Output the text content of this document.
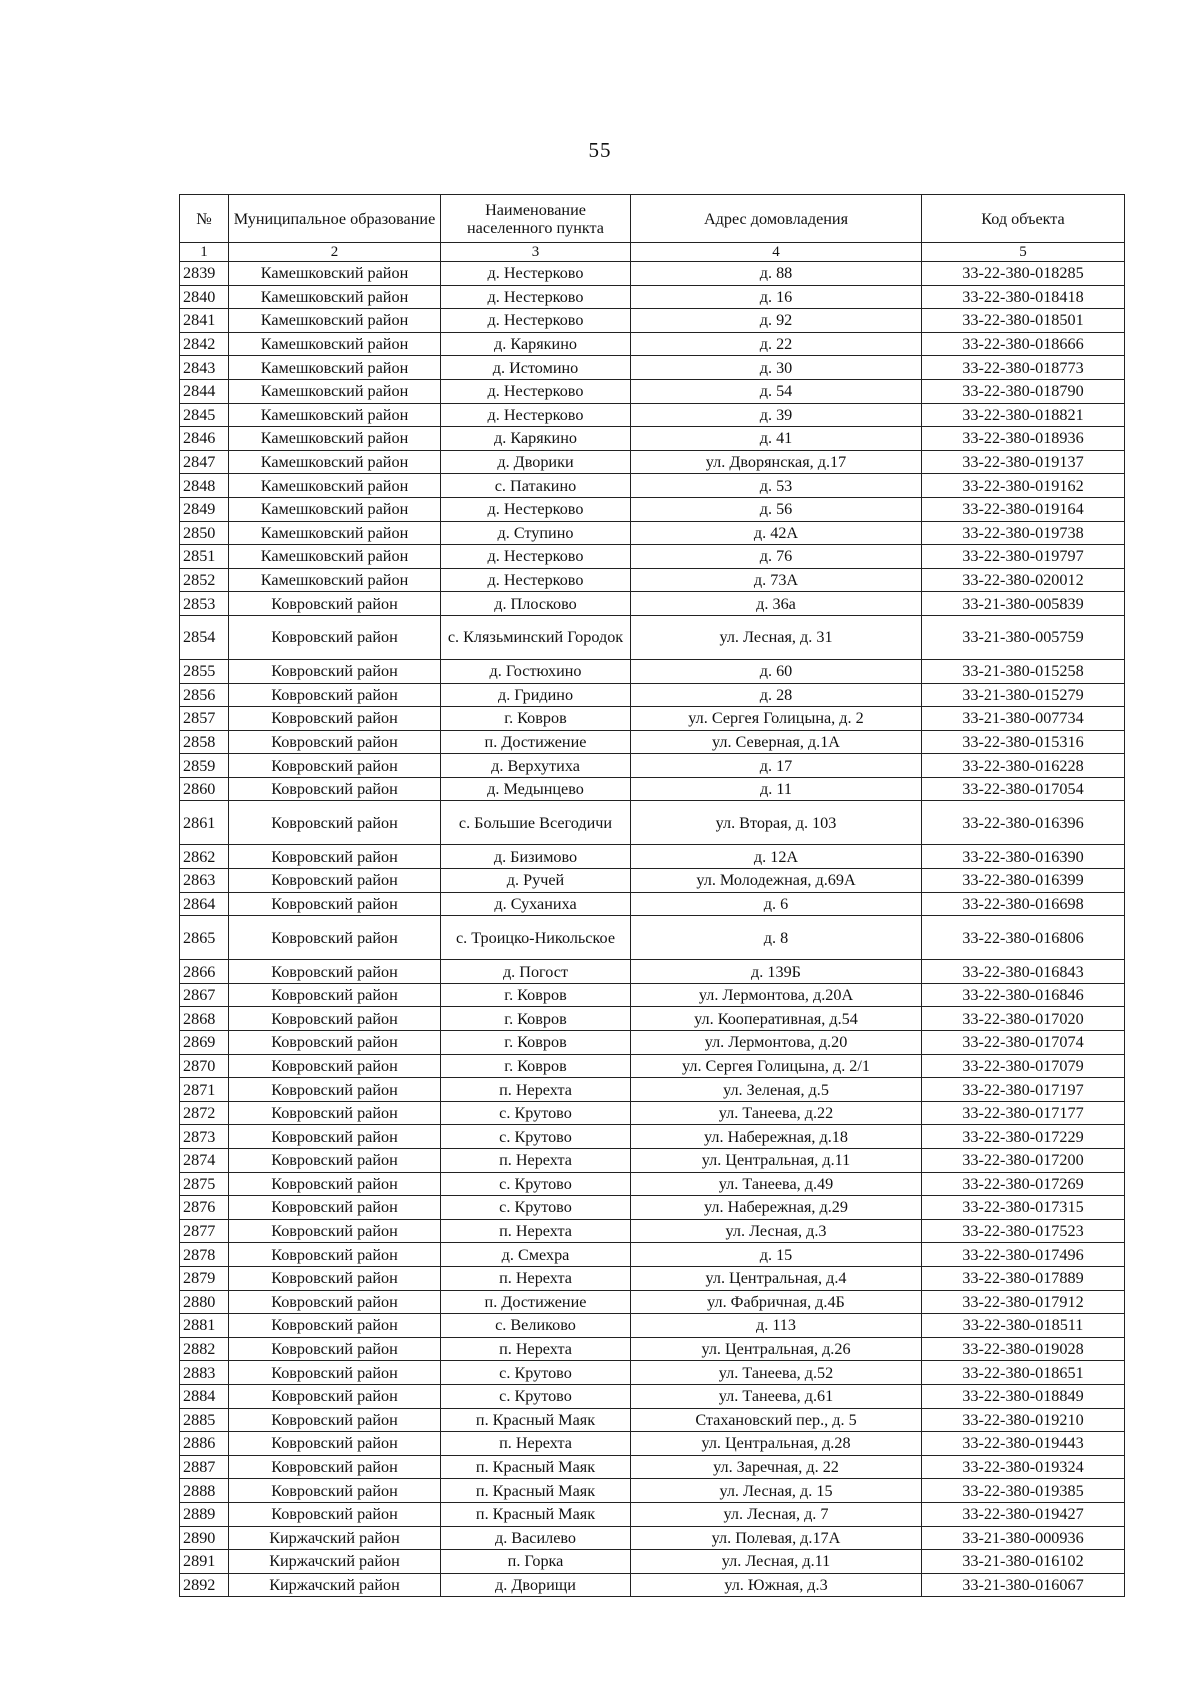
55
№	Муниципальное образование	Наименование населенного пункта	Адрес домовладения	Код объекта
1	2	3	4	5
2839	Камешковский район	д. Нестерково	д. 88	33-22-380-018285
2840	Камешковский район	д. Нестерково	д. 16	33-22-380-018418
2841	Камешковский район	д. Нестерково	д. 92	33-22-380-018501
2842	Камешковский район	д. Карякино	д. 22	33-22-380-018666
2843	Камешковский район	д. Истомино	д. 30	33-22-380-018773
2844	Камешковский район	д. Нестерково	д. 54	33-22-380-018790
2845	Камешковский район	д. Нестерково	д. 39	33-22-380-018821
2846	Камешковский район	д. Карякино	д. 41	33-22-380-018936
2847	Камешковский район	д. Дворики	ул. Дворянская, д.17	33-22-380-019137
2848	Камешковский район	с. Патакино	д. 53	33-22-380-019162
2849	Камешковский район	д. Нестерково	д. 56	33-22-380-019164
2850	Камешковский район	д. Ступино	д. 42А	33-22-380-019738
2851	Камешковский район	д. Нестерково	д. 76	33-22-380-019797
2852	Камешковский район	д. Нестерково	д. 73А	33-22-380-020012
2853	Ковровский район	д. Плосково	д. 36а	33-21-380-005839
2854	Ковровский район	с. Клязьминский Городок	ул. Лесная, д. 31	33-21-380-005759
2855	Ковровский район	д. Гостюхино	д. 60	33-21-380-015258
2856	Ковровский район	д. Гридино	д. 28	33-21-380-015279
2857	Ковровский район	г. Ковров	ул. Сергея Голицына, д. 2	33-21-380-007734
2858	Ковровский район	п. Достижение	ул. Северная, д.1А	33-22-380-015316
2859	Ковровский район	д. Верхутиха	д. 17	33-22-380-016228
2860	Ковровский район	д. Медынцево	д. 11	33-22-380-017054
2861	Ковровский район	с. Большие Всегодичи	ул. Вторая, д. 103	33-22-380-016396
2862	Ковровский район	д. Бизимово	д. 12А	33-22-380-016390
2863	Ковровский район	д. Ручей	ул. Молодежная, д.69А	33-22-380-016399
2864	Ковровский район	д. Суханиха	д. 6	33-22-380-016698
2865	Ковровский район	с. Троицко-Никольское	д. 8	33-22-380-016806
2866	Ковровский район	д. Погост	д. 139Б	33-22-380-016843
2867	Ковровский район	г. Ковров	ул. Лермонтова, д.20А	33-22-380-016846
2868	Ковровский район	г. Ковров	ул. Кооперативная, д.54	33-22-380-017020
2869	Ковровский район	г. Ковров	ул. Лермонтова, д.20	33-22-380-017074
2870	Ковровский район	г. Ковров	ул. Сергея Голицына, д. 2/1	33-22-380-017079
2871	Ковровский район	п. Нерехта	ул. Зеленая, д.5	33-22-380-017197
2872	Ковровский район	с. Крутово	ул. Танеева, д.22	33-22-380-017177
2873	Ковровский район	с. Крутово	ул. Набережная, д.18	33-22-380-017229
2874	Ковровский район	п. Нерехта	ул. Центральная, д.11	33-22-380-017200
2875	Ковровский район	с. Крутово	ул. Танеева, д.49	33-22-380-017269
2876	Ковровский район	с. Крутово	ул. Набережная, д.29	33-22-380-017315
2877	Ковровский район	п. Нерехта	ул. Лесная, д.3	33-22-380-017523
2878	Ковровский район	д. Смехра	д. 15	33-22-380-017496
2879	Ковровский район	п. Нерехта	ул. Центральная, д.4	33-22-380-017889
2880	Ковровский район	п. Достижение	ул. Фабричная, д.4Б	33-22-380-017912
2881	Ковровский район	с. Великово	д. 113	33-22-380-018511
2882	Ковровский район	п. Нерехта	ул. Центральная, д.26	33-22-380-019028
2883	Ковровский район	с. Крутово	ул. Танеева, д.52	33-22-380-018651
2884	Ковровский район	с. Крутово	ул. Танеева, д.61	33-22-380-018849
2885	Ковровский район	п. Красный Маяк	Стахановский пер., д. 5	33-22-380-019210
2886	Ковровский район	п. Нерехта	ул. Центральная, д.28	33-22-380-019443
2887	Ковровский район	п. Красный Маяк	ул. Заречная, д. 22	33-22-380-019324
2888	Ковровский район	п. Красный Маяк	ул. Лесная, д. 15	33-22-380-019385
2889	Ковровский район	п. Красный Маяк	ул. Лесная, д. 7	33-22-380-019427
2890	Киржачский район	д. Василево	ул. Полевая, д.17А	33-21-380-000936
2891	Киржачский район	п. Горка	ул. Лесная, д.11	33-21-380-016102
2892	Киржачский район	д. Дворищи	ул. Южная, д.3	33-21-380-016067
